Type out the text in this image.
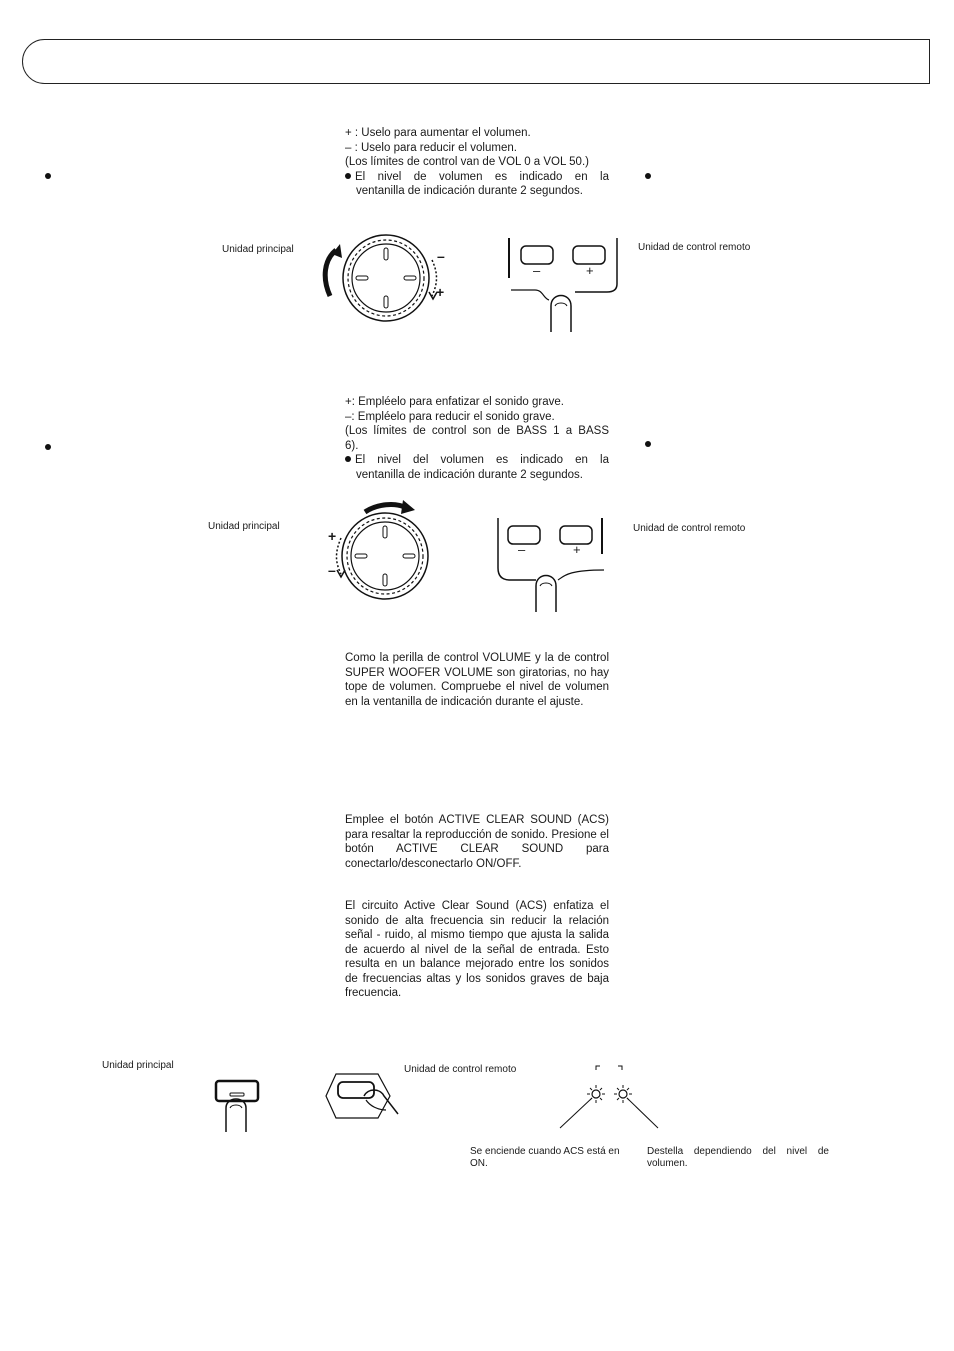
+ : Uselo para aumentar el volumen.
– : Uselo para reducir el volumen.
(Los límites de control van de VOL 0 a VOL 50.)
El nivel de volumen es indicado en la
ventanilla de indicación durante 2 segundos.
Unidad principal	Unidad de control remoto
–
+
–	+
+: Empléelo para enfatizar el sonido grave.
–: Empléelo para reducir el sonido grave.
(Los límites de control son de BASS 1 a BASS
6).
El nivel del volumen es indicado en la
ventanilla de indicación durante 2 segundos.
Unidad principal	Unidad de control remoto
+
–
–	+
Como la perilla de control VOLUME y la de control SUPER WOOFER VOLUME son giratorias, no hay tope de volumen. Compruebe el nivel de volumen en la ventanilla de indicación durante el ajuste.
Emplee el botón ACTIVE CLEAR SOUND (ACS) para resaltar la reproducción de sonido. Presione el botón ACTIVE CLEAR SOUND para conectarlo/desconectarlo ON/OFF.
El circuito Active Clear Sound (ACS) enfatiza el sonido de alta frecuencia sin reducir la relación señal - ruido, al mismo tiempo que ajusta la salida de acuerdo al nivel de la señal de entrada. Esto resulta en un balance mejorado entre los sonidos de frecuencias altas y los sonidos graves de baja frecuencia.
Unidad principal	Unidad de control remoto
Se enciende cuando ACS está en ON.
Destella dependiendo del nivel de volumen.
